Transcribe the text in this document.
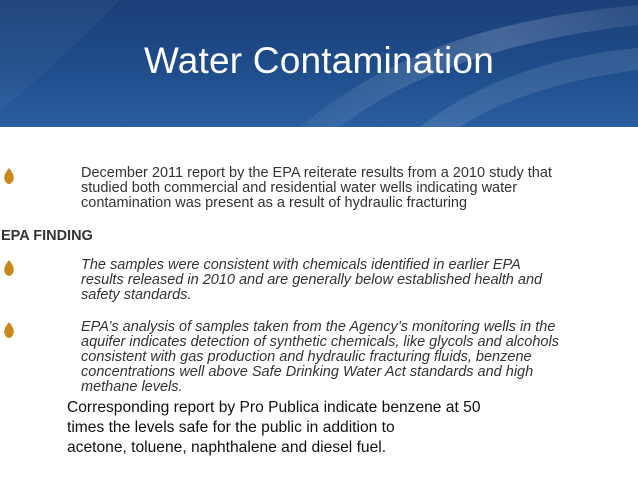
Water Contamination
December 2011 report by the EPA reiterate results from a 2010 study that
studied both commercial and residential water wells indicating water
contamination was present as a result of hydraulic fracturing
EPA FINDING
The samples were consistent with chemicals identified in earlier EPA
results released in 2010 and are generally below established health and
safety standards.
EPA’s analysis of samples taken from the Agency’s monitoring wells in the
aquifer indicates detection of synthetic chemicals, like glycols and alcohols
consistent with gas production and hydraulic fracturing fluids, benzene
concentrations well above Safe Drinking Water Act standards and high
methane levels.
Corresponding report by Pro Publica indicate benzene at 50
times the levels safe for the public in addition to
acetone, toluene, naphthalene and diesel fuel.
